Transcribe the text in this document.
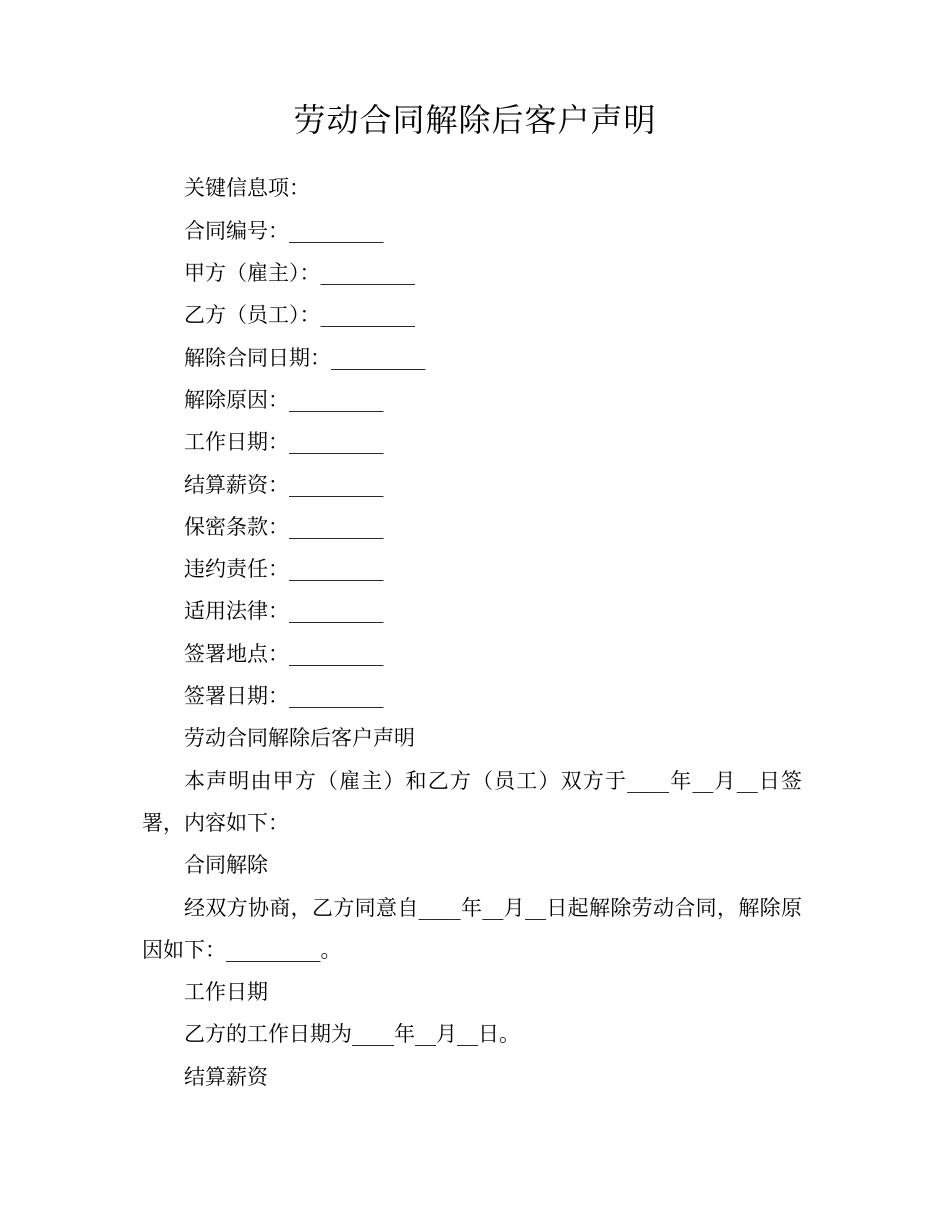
劳动合同解除后客户声明
关键信息项：
合同编号：_________
甲方（雇主）：_________
乙方（员工）：_________
解除合同日期：_________
解除原因：_________
工作日期：_________
结算薪资：_________
保密条款：_________
违约责任：_________
适用法律：_________
签署地点：_________
签署日期：_________
劳动合同解除后客户声明
本声明由甲方（雇主）和乙方（员工）双方于____年__月__日签署，内容如下：
合同解除
经双方协商，乙方同意自____年__月__日起解除劳动合同，解除原因如下：_________。
工作日期
乙方的工作日期为____年__月__日。
结算薪资
